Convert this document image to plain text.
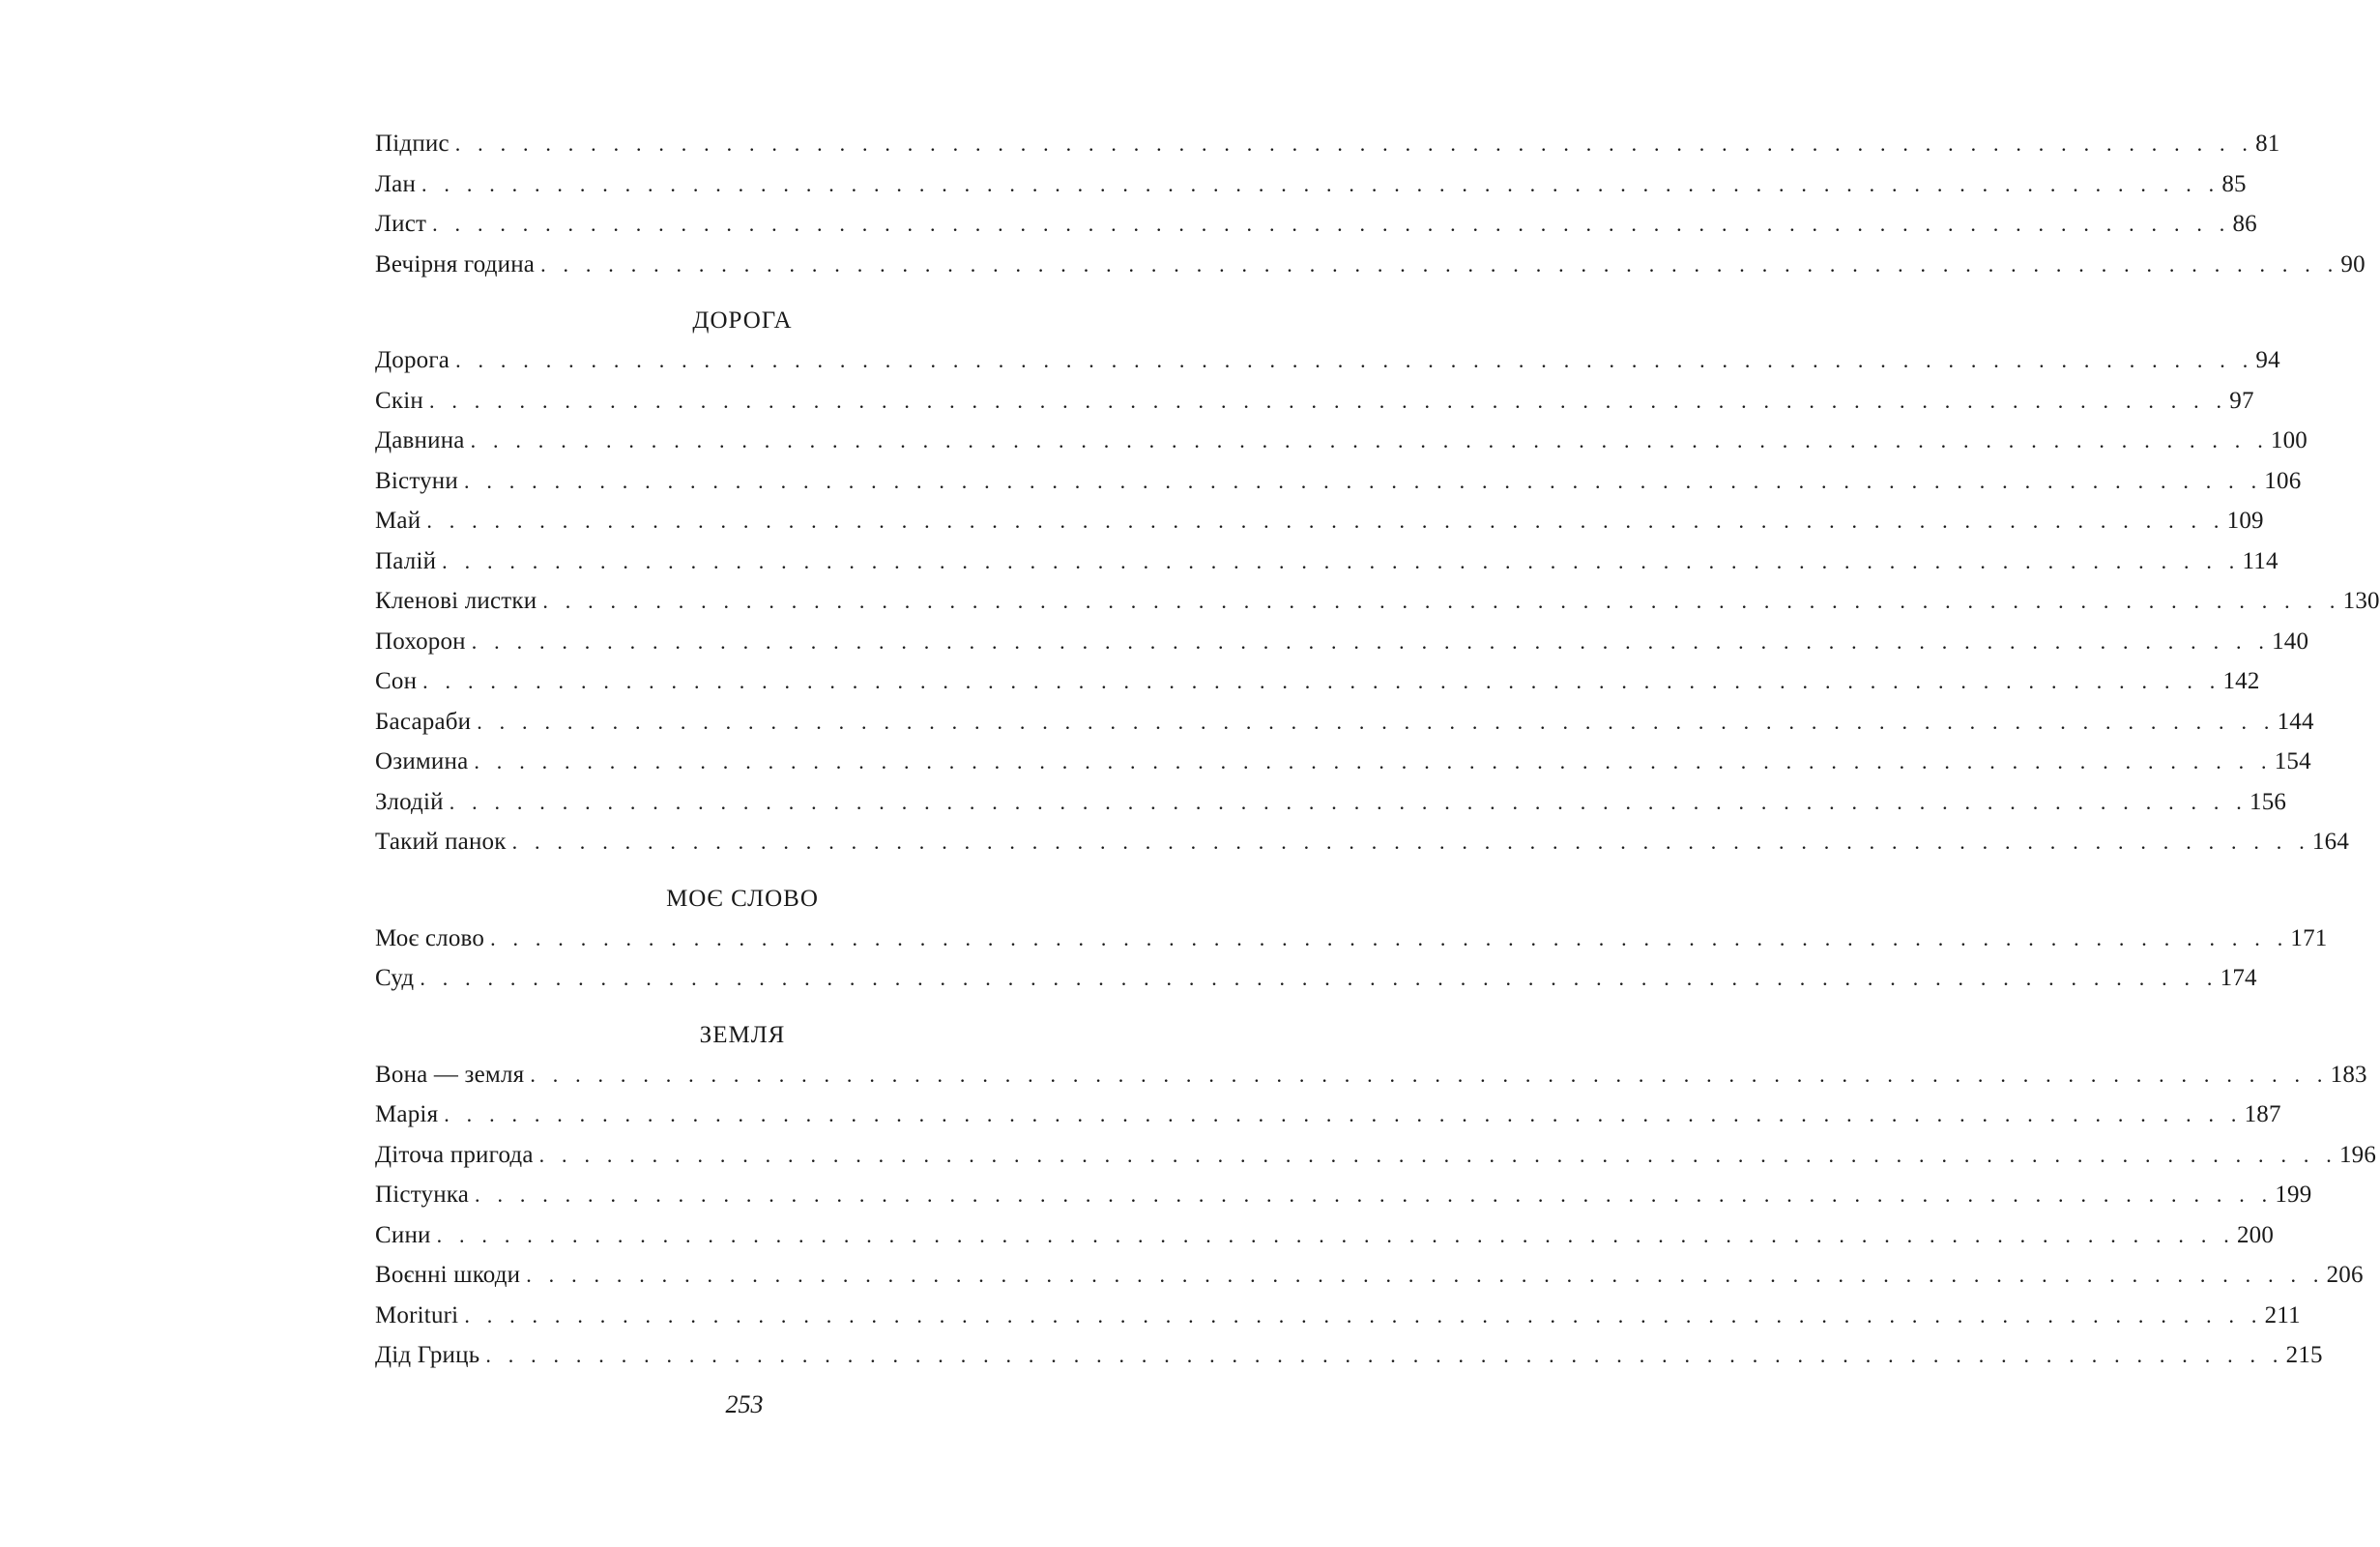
Підпис . . . . . . . . . . . . . . . . . . . . . . . . . . . . . . . . . . . . . . . . . . . . . . . . . . . . . . . . . . . . . . . . . . . . . . . . . . . . . . . . 81
Лан . . . . . . . . . . . . . . . . . . . . . . . . . . . . . . . . . . . . . . . . . . . . . . . . . . . . . . . . . . . . . . . . . . . . . . . . . . . . . . . . 85
Лист . . . . . . . . . . . . . . . . . . . . . . . . . . . . . . . . . . . . . . . . . . . . . . . . . . . . . . . . . . . . . . . . . . . . . . . . . . . . . . . . 86
Вечірня година . . . . . . . . . . . . . . . . . . . . . . . . . . . . . . . . . . . . . . . . . . . . . . . . . . . . . . . . . . . . . . . . . . . . . . . . . . . . . . . . 90
ДОРОГА
Дорога . . . . . . . . . . . . . . . . . . . . . . . . . . . . . . . . . . . . . . . . . . . . . . . . . . . . . . . . . . . . . . . . . . . . . . . . . . . . . . . . 94
Скін . . . . . . . . . . . . . . . . . . . . . . . . . . . . . . . . . . . . . . . . . . . . . . . . . . . . . . . . . . . . . . . . . . . . . . . . . . . . . . . . 97
Давнина . . . . . . . . . . . . . . . . . . . . . . . . . . . . . . . . . . . . . . . . . . . . . . . . . . . . . . . . . . . . . . . . . . . . . . . . . . . . . . . . 100
Вістуни . . . . . . . . . . . . . . . . . . . . . . . . . . . . . . . . . . . . . . . . . . . . . . . . . . . . . . . . . . . . . . . . . . . . . . . . . . . . . . . . 106
Май . . . . . . . . . . . . . . . . . . . . . . . . . . . . . . . . . . . . . . . . . . . . . . . . . . . . . . . . . . . . . . . . . . . . . . . . . . . . . . . . 109
Палій . . . . . . . . . . . . . . . . . . . . . . . . . . . . . . . . . . . . . . . . . . . . . . . . . . . . . . . . . . . . . . . . . . . . . . . . . . . . . . . . 114
Кленові листки . . . . . . . . . . . . . . . . . . . . . . . . . . . . . . . . . . . . . . . . . . . . . . . . . . . . . . . . . . . . . . . . . . . . . . . . . . . . . . . . 130
Похорон . . . . . . . . . . . . . . . . . . . . . . . . . . . . . . . . . . . . . . . . . . . . . . . . . . . . . . . . . . . . . . . . . . . . . . . . . . . . . . . . 140
Сон . . . . . . . . . . . . . . . . . . . . . . . . . . . . . . . . . . . . . . . . . . . . . . . . . . . . . . . . . . . . . . . . . . . . . . . . . . . . . . . . 142
Басараби . . . . . . . . . . . . . . . . . . . . . . . . . . . . . . . . . . . . . . . . . . . . . . . . . . . . . . . . . . . . . . . . . . . . . . . . . . . . . . . . 144
Озимина . . . . . . . . . . . . . . . . . . . . . . . . . . . . . . . . . . . . . . . . . . . . . . . . . . . . . . . . . . . . . . . . . . . . . . . . . . . . . . . . 154
Злодій . . . . . . . . . . . . . . . . . . . . . . . . . . . . . . . . . . . . . . . . . . . . . . . . . . . . . . . . . . . . . . . . . . . . . . . . . . . . . . . . 156
Такий панок . . . . . . . . . . . . . . . . . . . . . . . . . . . . . . . . . . . . . . . . . . . . . . . . . . . . . . . . . . . . . . . . . . . . . . . . . . . . . . . . 164
МОЄ СЛОВО
Моє слово . . . . . . . . . . . . . . . . . . . . . . . . . . . . . . . . . . . . . . . . . . . . . . . . . . . . . . . . . . . . . . . . . . . . . . . . . . . . . . . . 171
Суд . . . . . . . . . . . . . . . . . . . . . . . . . . . . . . . . . . . . . . . . . . . . . . . . . . . . . . . . . . . . . . . . . . . . . . . . . . . . . . . . 174
ЗЕМЛЯ
Вона — земля . . . . . . . . . . . . . . . . . . . . . . . . . . . . . . . . . . . . . . . . . . . . . . . . . . . . . . . . . . . . . . . . . . . . . . . . . . . . . . . . 183
Марія . . . . . . . . . . . . . . . . . . . . . . . . . . . . . . . . . . . . . . . . . . . . . . . . . . . . . . . . . . . . . . . . . . . . . . . . . . . . . . . . 187
Діточа пригода . . . . . . . . . . . . . . . . . . . . . . . . . . . . . . . . . . . . . . . . . . . . . . . . . . . . . . . . . . . . . . . . . . . . . . . . . . . . . . . . 196
Пістунка . . . . . . . . . . . . . . . . . . . . . . . . . . . . . . . . . . . . . . . . . . . . . . . . . . . . . . . . . . . . . . . . . . . . . . . . . . . . . . . . 199
Сини . . . . . . . . . . . . . . . . . . . . . . . . . . . . . . . . . . . . . . . . . . . . . . . . . . . . . . . . . . . . . . . . . . . . . . . . . . . . . . . . 200
Воєнні шкоди . . . . . . . . . . . . . . . . . . . . . . . . . . . . . . . . . . . . . . . . . . . . . . . . . . . . . . . . . . . . . . . . . . . . . . . . . . . . . . . . 206
Morituri . . . . . . . . . . . . . . . . . . . . . . . . . . . . . . . . . . . . . . . . . . . . . . . . . . . . . . . . . . . . . . . . . . . . . . . . . . . . . . . . 211
Дід Гриць . . . . . . . . . . . . . . . . . . . . . . . . . . . . . . . . . . . . . . . . . . . . . . . . . . . . . . . . . . . . . . . . . . . . . . . . . . . . . . . . 215
253
